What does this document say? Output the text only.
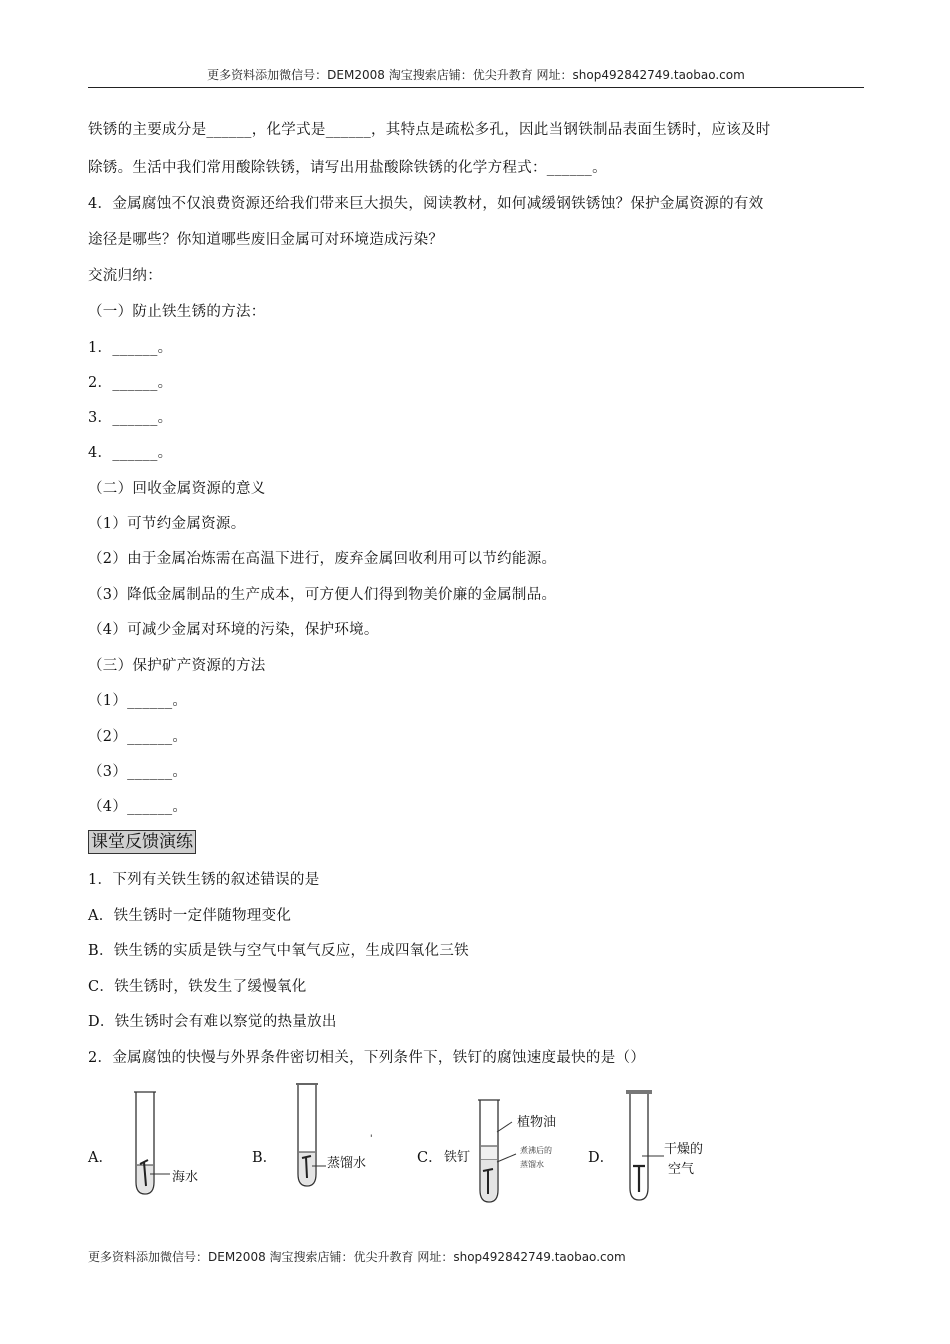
更多资料添加微信号：DEM2008 淘宝搜索店铺：优尖升教育 网址：shop492842749.taobao.com
铁锈的主要成分是______，化学式是______，其特点是疏松多孔，因此当钢铁制品表面生锈时，应该及时
除锈。生活中我们常用酸除铁锈，请写出用盐酸除铁锈的化学方程式：______。
4．金属腐蚀不仅浪费资源还给我们带来巨大损失，阅读教材，如何减缓钢铁锈蚀？保护金属资源的有效
途径是哪些？你知道哪些废旧金属可对环境造成污染？
交流归纳：
（一）防止铁生锈的方法：
1．______。
2．______。
3．______。
4．______。
（二）回收金属资源的意义
（1）可节约金属资源。
（2）由于金属冶炼需在高温下进行，废弃金属回收利用可以节约能源。
（3）降低金属制品的生产成本，可方便人们得到物美价廉的金属制品。
（4）可减少金属对环境的污染，保护环境。
（三）保护矿产资源的方法
（1）______。
（2）______。
（3）______。
（4）______。
课堂反馈演练
1．下列有关铁生锈的叙述错误的是
A．铁生锈时一定伴随物理变化
B．铁生锈的实质是铁与空气中氧气反应，生成四氧化三铁
C．铁生锈时，铁发生了缓慢氧化
D．铁生锈时会有难以察觉的热量放出
2．金属腐蚀的快慢与外界条件密切相关，下列条件下，铁钉的腐蚀速度最快的是（）
A．	B．	C．	D．
海水
蒸馏水
'
铁钉
植物油
煮沸后的
蒸馏水
干燥的
空气
更多资料添加微信号：DEM2008 淘宝搜索店铺：优尖升教育 网址：shop492842749.taobao.com
